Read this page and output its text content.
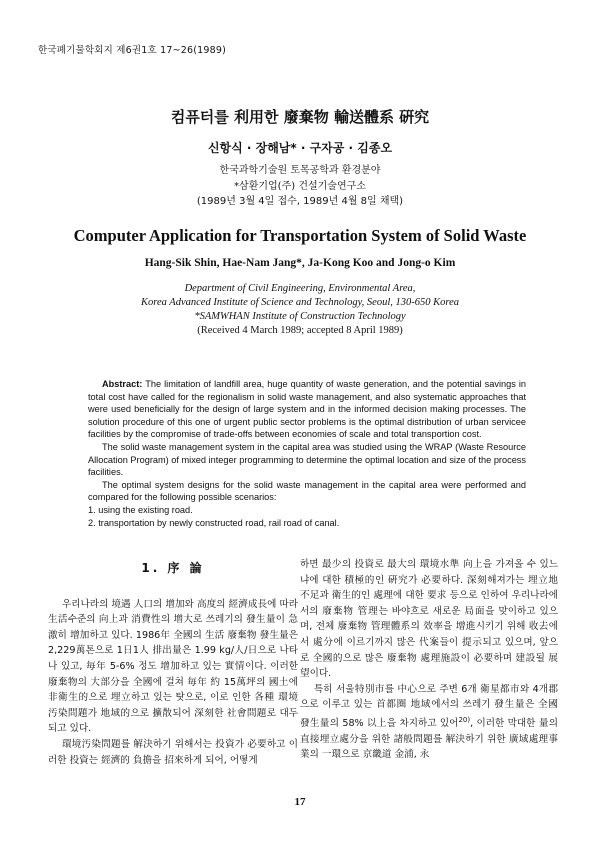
한국폐기물학회지 제6권1호 17~26(1989)
컴퓨터를 利用한 廢棄物 輸送體系 硏究
신항식 · 장해남* · 구자공 · 김종오
한국과학기술원 토목공학과 환경분야
*삼환기업(주) 건설기술연구소
(1989년 3월 4일 접수, 1989년 4월 8일 채택)
Computer Application for Transportation System of Solid Waste
Hang-Sik Shin, Hae-Nam Jang*, Ja-Kong Koo and Jong-o Kim
Department of Civil Engineering, Environmental Area,
Korea Advanced Institute of Science and Technology, Seoul, 130-650 Korea
*SAMWHAN Institute of Construction Technology
(Received 4 March 1989; accepted 8 April 1989)

Abstract: The limitation of landfill area, huge quantity of waste generation, and the potential savings in total cost have called for the regionalism in solid waste management, and also systematic approaches that were used beneficially for the design of large system and in the informed decision making processes. The solution procedure of this one of urgent public sector problems is the optimal distribution of urban servicee facilities by the compromise of trade-offs between economies of scale and total transportion cost.

The solid waste management system in the capital area was studied using the WRAP (Waste Resource Allocation Program) of mixed integer programming to determine the optimal location and size of the process facilities.

The optimal system designs for the solid waste management in the capital area were performed and compared for the following possible scenarios:

1. using the existing road.

2. transportation by newly constructed road, rail road of canal.

1. 序 論

우리나라의 境遇 人口의 增加와 高度의 經濟成長에 따라 生活수준의 向上과 消費性의 增大로 쓰레기의 發生量이 急激히 增加하고 있다. 1986年 全國의 生活 廢棄物 發生量은 2,229萬톤으로 1日1人 排出量은 1.99 kg/人/日으로 나타나 있고, 毎年 5-6% 정도 增加하고 있는 實情이다. 이러한 廢棄物의 大部分을 全國에 걸쳐 毎年 約 15萬坪의 國土에 非衛生的으로 埋立하고 있는 탓으로, 이로 인한 各種 環境汚染問題가 地域的으로 擴散되어 深刻한 社會問題로 대두되고 있다.

環境汚染問題를 解決하기 위해서는 投資가 必要하고 이러한 投資는 經濟的 負擔을 招來하게 되어, 어떻게

하면 最少의 投資로 最大의 環境水準 向上을 가져올 수 있느냐에 대한 積極的인 硏究가 必要하다. 深刻해져가는 埋立地 不足과 衛生的인 處理에 대한 要求 등으로 인하여 우리나라에서의 廢棄物 管理는 바야흐로 새로운 局面을 맞이하고 있으며, 전체 廢棄物 管理體系의 效率을 增進시키기 위해 收去에서 處分에 이르기까지 많은 代案들이 提示되고 있으며, 앞으로 全國的으로 많은 廢棄物 處理施設이 必要하며 建設될 展望이다.

특히 서울特別市를 中心으로 주변 6개 衛星都市와 4개郡으로 이루고 있는 首都圈 地域에서의 쓰레기 發生量은 全國 發生量의 58% 以上을 차지하고 있어$^{20)}$, 이러한 막대한 量의 直接埋立處分을 위한 諸般問題를 解決하기 위한 廣域處理事業의 一環으로 京畿道 金浦, 永

17
